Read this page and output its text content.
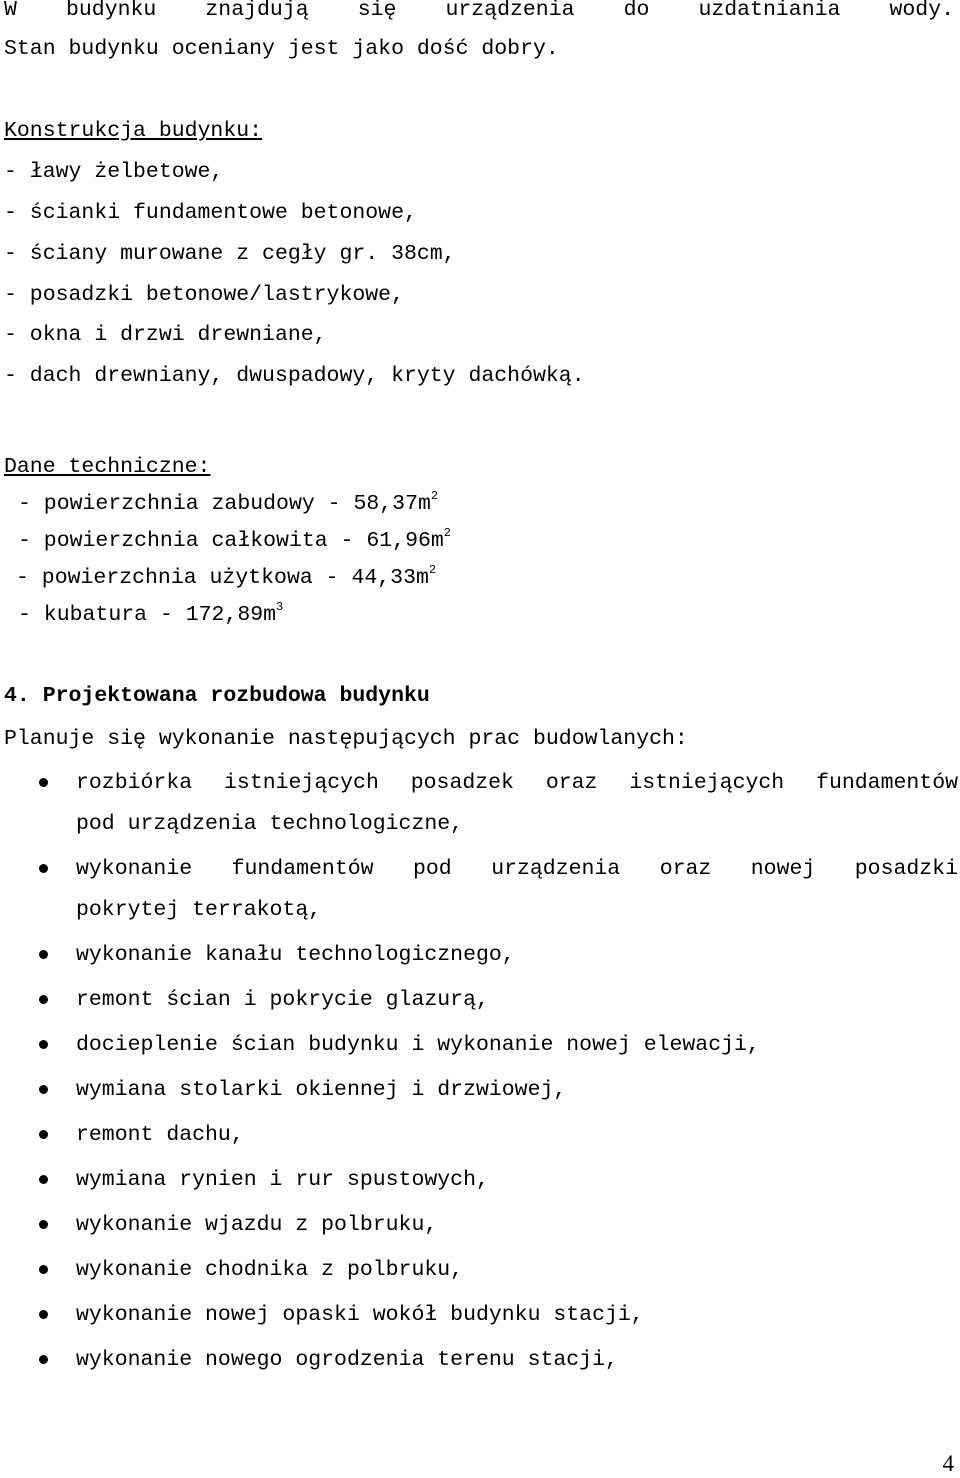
W budynku znajdują się urządzenia do uzdatniania wody.
Stan budynku oceniany jest jako dość dobry.
Konstrukcja budynku:
- ławy żelbetowe,
- ścianki fundamentowe betonowe,
- ściany murowane z cegły gr. 38cm,
- posadzki betonowe/lastrykowe,
- okna i drzwi drewniane,
- dach drewniany, dwuspadowy, kryty dachówką.
Dane techniczne:
- powierzchnia zabudowy - $58,37m^2$
- powierzchnia całkowita - $61,96m^2$
- powierzchnia użytkowa - $44,33m^2$
- kubatura - $172,89m^3$
4. Projektowana rozbudowa budynku
Planuje się wykonanie następujących prac budowlanych:
rozbiórka istniejących posadzek oraz istniejących fundamentów
pod urządzenia technologiczne,
wykonanie fundamentów pod urządzenia oraz nowej posadzki
pokrytej terrakotą,
wykonanie kanału technologicznego,
remont ścian i pokrycie glazurą,
docieplenie ścian budynku i wykonanie nowej elewacji,
wymiana stolarki okiennej i drzwiowej,
remont dachu,
wymiana rynien i rur spustowych,
wykonanie wjazdu z polbruku,
wykonanie chodnika z polbruku,
wykonanie nowej opaski wokół budynku stacji,
wykonanie nowego ogrodzenia terenu stacji,
4
